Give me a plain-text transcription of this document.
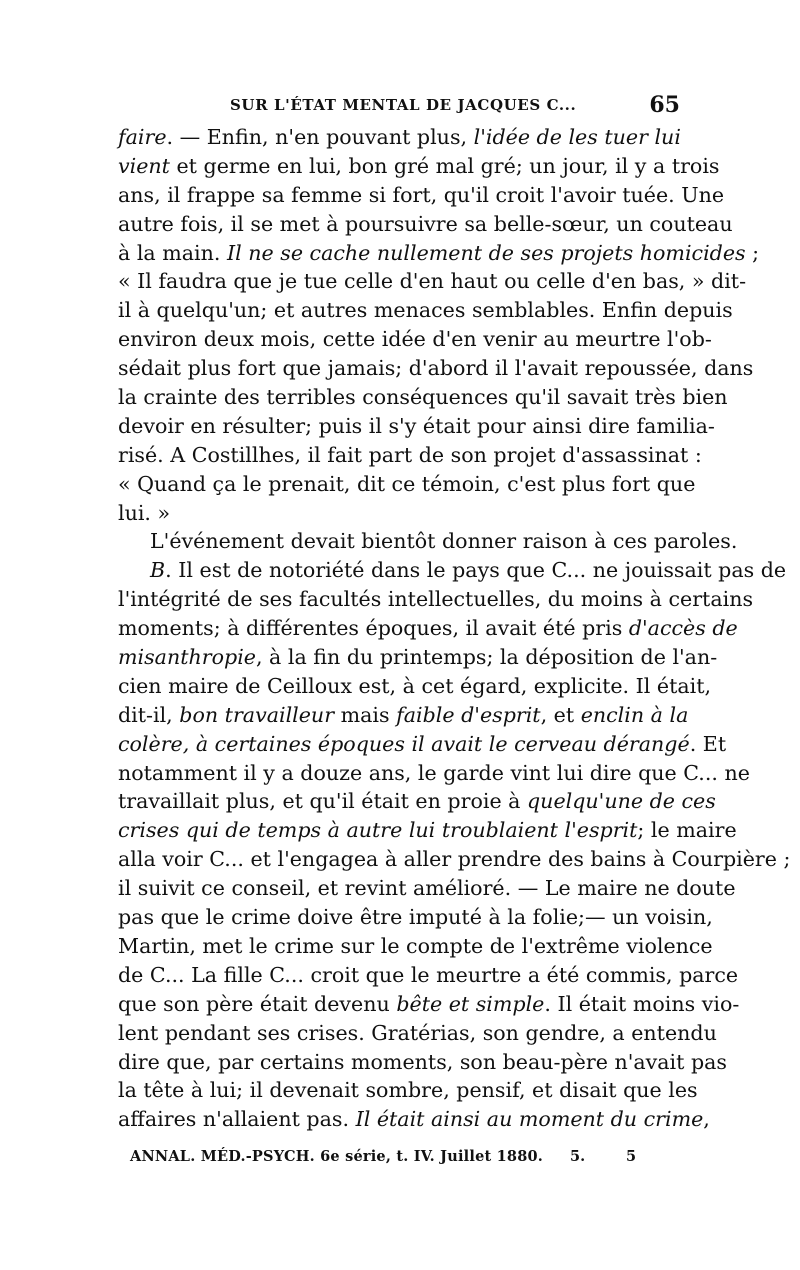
SUR L'ÉTAT MENTAL DE JACQUES C...	65
faire. — Enfin, n'en pouvant plus, l'idée de les tuer lui
vient et germe en lui, bon gré mal gré; un jour, il y a trois
ans, il frappe sa femme si fort, qu'il croit l'avoir tuée. Une
autre fois, il se met à poursuivre sa belle-sœur, un couteau
à la main. Il ne se cache nullement de ses projets homicides ;
« Il faudra que je tue celle d'en haut ou celle d'en bas, » dit-
il à quelqu'un; et autres menaces semblables. Enfin depuis
environ deux mois, cette idée d'en venir au meurtre l'ob-
sédait plus fort que jamais; d'abord il l'avait repoussée, dans
la crainte des terribles conséquences qu'il savait très bien
devoir en résulter; puis il s'y était pour ainsi dire familia-
risé. A Costillhes, il fait part de son projet d'assassinat :
« Quand ça le prenait, dit ce témoin, c'est plus fort que
lui. »
L'événement devait bientôt donner raison à ces paroles.
B. Il est de notoriété dans le pays que C... ne jouissait pas de
l'intégrité de ses facultés intellectuelles, du moins à certains
moments; à différentes époques, il avait été pris d'accès de
misanthropie, à la fin du printemps; la déposition de l'an-
cien maire de Ceilloux est, à cet égard, explicite. Il était,
dit-il, bon travailleur mais faible d'esprit, et enclin à la
colère, à certaines époques il avait le cerveau dérangé. Et
notamment il y a douze ans, le garde vint lui dire que C... ne
travaillait plus, et qu'il était en proie à quelqu'une de ces
crises qui de temps à autre lui troublaient l'esprit; le maire
alla voir C... et l'engagea à aller prendre des bains à Courpière ;
il suivit ce conseil, et revint amélioré. — Le maire ne doute
pas que le crime doive être imputé à la folie;— un voisin,
Martin, met le crime sur le compte de l'extrême violence
de C... La fille C... croit que le meurtre a été commis, parce
que son père était devenu bête et simple. Il était moins vio-
lent pendant ses crises. Gratérias, son gendre, a entendu
dire que, par certains moments, son beau-père n'avait pas
la tête à lui; il devenait sombre, pensif, et disait que les
affaires n'allaient pas. Il était ainsi au moment du crime,
ANNAL. MÉD.-PSYCH. 6e série, t. IV. Juillet 1880. 5.	5
